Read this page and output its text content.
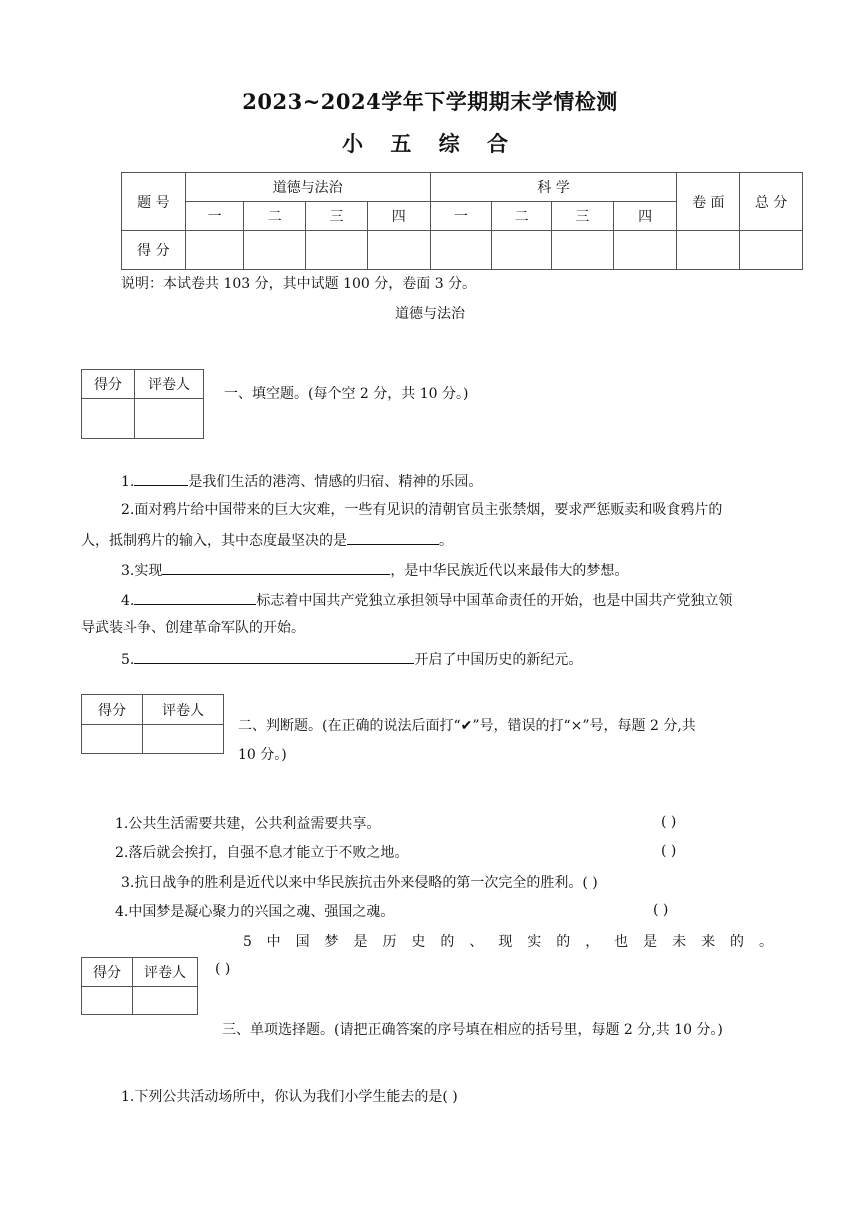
2023~2024学年下学期期末学情检测
小 五 综 合
题 号	道德与法治				科 学				卷 面	总 分
	一	二	三	四	一	二	三	四		
得 分										
说明：本试卷共 103 分，其中试题 100 分，卷面 3 分。
道德与法治
得分	评卷人

一、填空题。(每个空 2 分，共 10 分。)
1.	是我们生活的港湾、情感的归宿、精神的乐园。
2.面对鸦片给中国带来的巨大灾难，一些有见识的清朝官员主张禁烟，要求严惩贩卖和吸食鸦片的
人，抵制鸦片的输入，其中态度最坚决的是	。
3.实现	，是中华民族近代以来最伟大的梦想。
4.	标志着中国共产党独立承担领导中国革命责任的开始，也是中国共产党独立领
导武装斗争、创建革命军队的开始。
5.	开启了中国历史的新纪元。
得分	评卷人

二、判断题。(在正确的说法后面打“✔”号，错误的打“×”号，每题 2 分,共
10 分。)
1.公共生活需要共建，公共利益需要共享。	( )
2.落后就会挨打，自强不息才能立于不败之地。	( )
3.抗日战争的胜利是近代以来中华民族抗击外来侵略的第一次完全的胜利。( )
4.中国梦是凝心聚力的兴国之魂、强国之魂。	( )
5 中 国 梦 是 历 史 的 、 现 实 的 ， 也 是 未 来 的 。
得分	评卷人
	( )
三、单项选择题。(请把正确答案的序号填在相应的括号里，每题 2 分,共 10 分。)
1.下列公共活动场所中，你认为我们小学生能去的是( )
